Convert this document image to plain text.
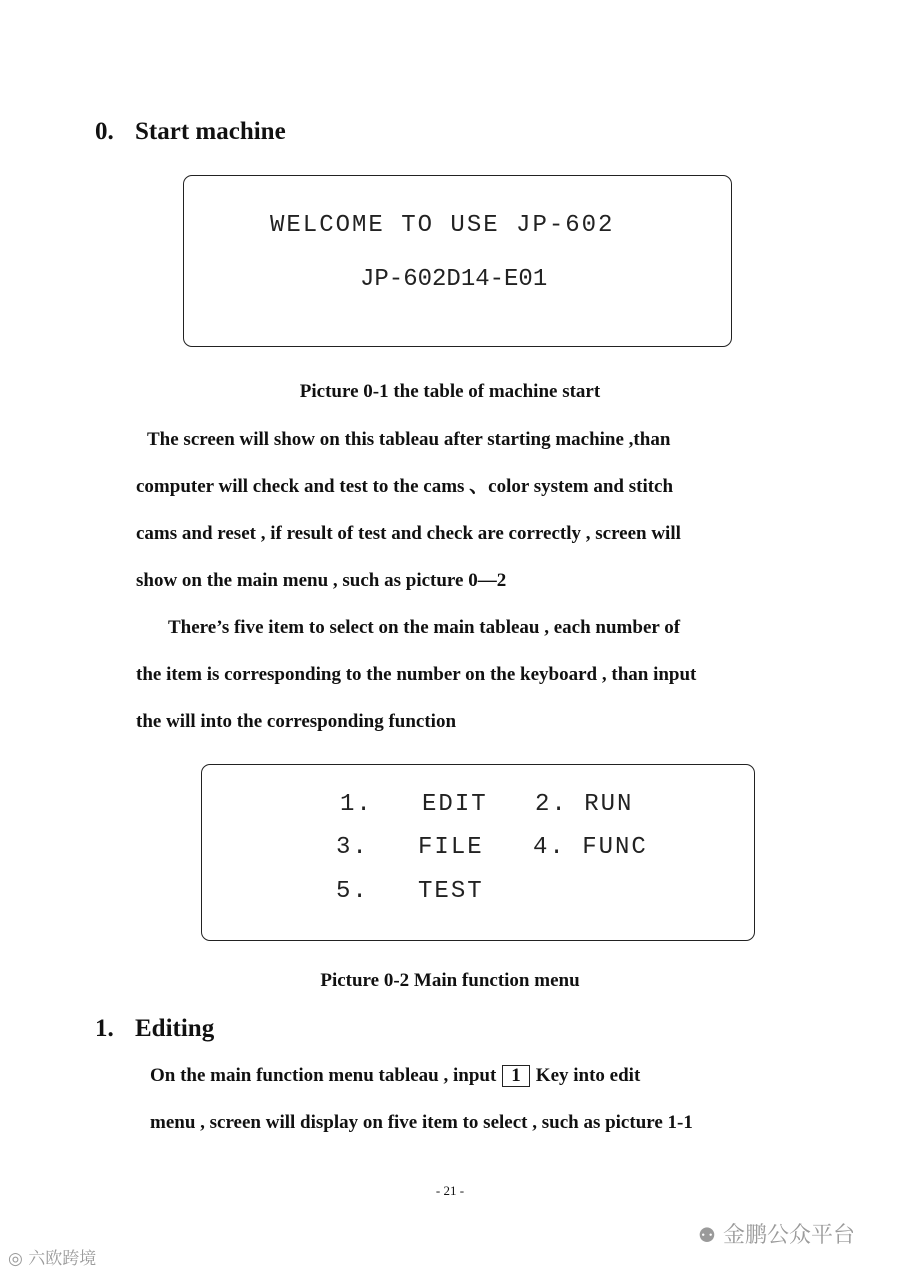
0. Start machine
WELCOME TO USE JP-602
JP-602D14-E01
Picture 0-1 the table of machine start
The screen will show on this tableau after starting machine ,than
computer will check and test to the cams 、color system and stitch
cams and reset , if result of test and check are correctly , screen will
show on the main menu , such as picture 0—2
There’s five item to select on the main tableau , each number of
the item is corresponding to the number on the keyboard , than input
the will into the corresponding function
1. EDIT 2. RUN
3. FILE 4. FUNC
5. TEST
Picture 0-2 Main function menu
1. Editing
On the main function menu tableau , input 1 Key into edit
menu , screen will display on five item to select , such as picture 1-1
- 21 -
⚉ 金鹏公众平台
◎ 六欧跨境
